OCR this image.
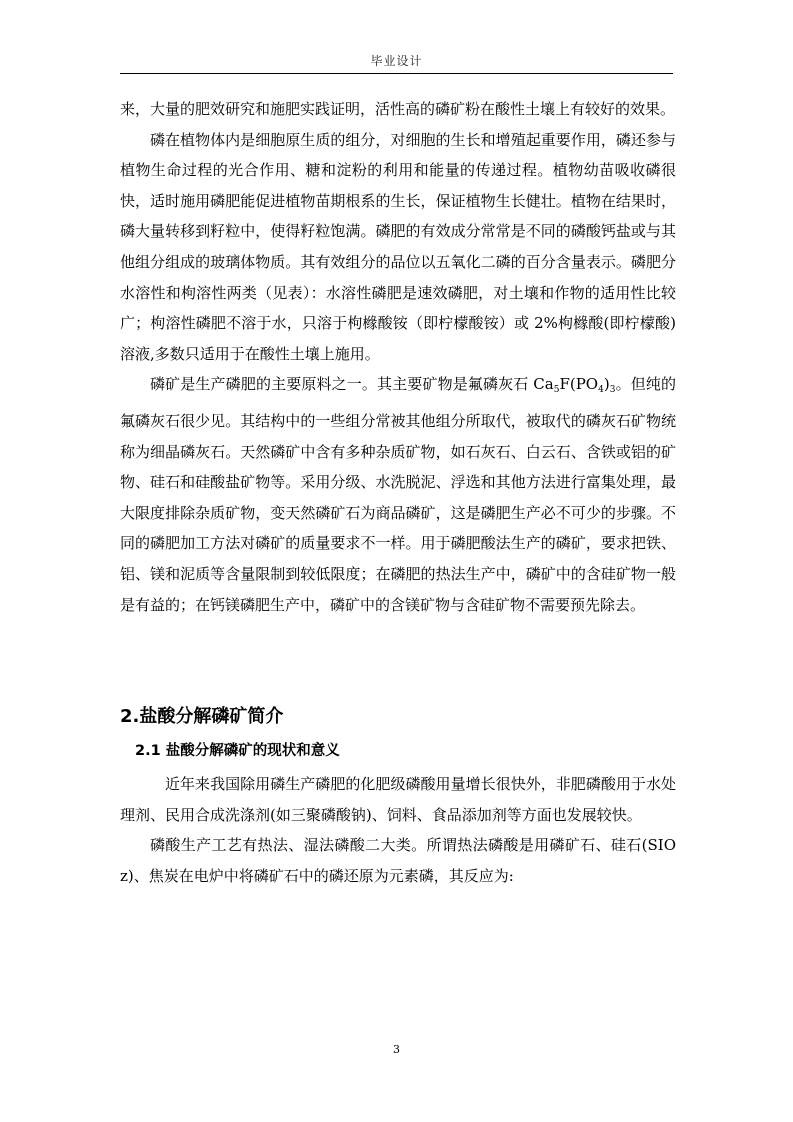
毕业设计

来，大量的肥效研究和施肥实践证明，活性高的磷矿粉在酸性土壤上有较好的效果。

磷在植物体内是细胞原生质的组分，对细胞的生长和增殖起重要作用，磷还参与植物生命过程的光合作用、糖和淀粉的利用和能量的传递过程。植物幼苗吸收磷很快，适时施用磷肥能促进植物苗期根系的生长，保证植物生长健壮。植物在结果时，磷大量转移到籽粒中，使得籽粒饱满。磷肥的有效成分常常是不同的磷酸钙盐或与其他组分组成的玻璃体物质。其有效组分的品位以五氧化二磷的百分含量表示。磷肥分水溶性和枸溶性两类（见表）：水溶性磷肥是速效磷肥，对土壤和作物的适用性比较广；枸溶性磷肥不溶于水，只溶于枸橼酸铵（即柠檬酸铵）或 2%枸橼酸(即柠檬酸)溶液,多数只适用于在酸性土壤上施用。

磷矿是生产磷肥的主要原料之一。其主要矿物是氟磷灰石 $Ca_5F(PO_4)_3$。但纯的氟磷灰石很少见。其结构中的一些组分常被其他组分所取代，被取代的磷灰石矿物统称为细晶磷灰石。天然磷矿中含有多种杂质矿物，如石灰石、白云石、含铁或铝的矿物、硅石和硅酸盐矿物等。采用分级、水洗脱泥、浮选和其他方法进行富集处理，最大限度排除杂质矿物，变天然磷矿石为商品磷矿，这是磷肥生产必不可少的步骤。不同的磷肥加工方法对磷矿的质量要求不一样。用于磷肥酸法生产的磷矿，要求把铁、铝、镁和泥质等含量限制到较低限度；在磷肥的热法生产中，磷矿中的含硅矿物一般是有益的；在钙镁磷肥生产中，磷矿中的含镁矿物与含硅矿物不需要预先除去。

2.盐酸分解磷矿简介
2.1 盐酸分解磷矿的现状和意义

近年来我国除用磷生产磷肥的化肥级磷酸用量增长很快外，非肥磷酸用于水处理剂、民用合成洗涤剂(如三聚磷酸钠)、饲料、食品添加剂等方面也发展较快。

磷酸生产工艺有热法、湿法磷酸二大类。所谓热法磷酸是用磷矿石、硅石(SIOz)、焦炭在电炉中将磷矿石中的磷还原为元素磷，其反应为:

3
